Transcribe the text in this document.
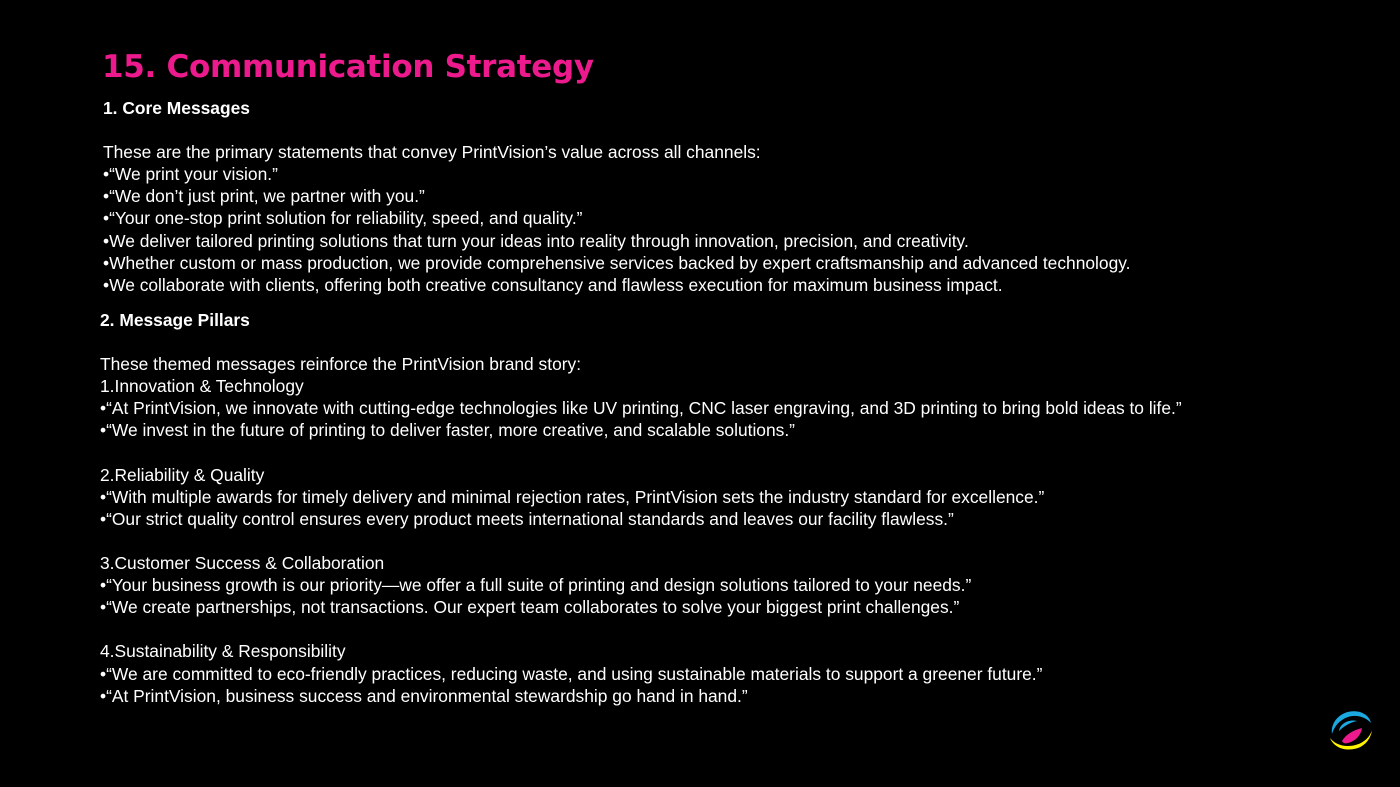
15. Communication Strategy

1. Core Messages

These are the primary statements that convey PrintVision’s value across all channels:

•“We print your vision.”

•“We don’t just print, we partner with you.”

•“Your one-stop print solution for reliability, speed, and quality.”

•We deliver tailored printing solutions that turn your ideas into reality through innovation, precision, and creativity.

•Whether custom or mass production, we provide comprehensive services backed by expert craftsmanship and advanced technology.

•We collaborate with clients, offering both creative consultancy and flawless execution for maximum business impact.

2. Message Pillars

These themed messages reinforce the PrintVision brand story:

1.Innovation & Technology

•“At PrintVision, we innovate with cutting-edge technologies like UV printing, CNC laser engraving, and 3D printing to bring bold ideas to life.”

•“We invest in the future of printing to deliver faster, more creative, and scalable solutions.”

2.Reliability & Quality

•“With multiple awards for timely delivery and minimal rejection rates, PrintVision sets the industry standard for excellence.”

•“Our strict quality control ensures every product meets international standards and leaves our facility flawless.”

3.Customer Success & Collaboration

•“Your business growth is our priority—we offer a full suite of printing and design solutions tailored to your needs.”

•“We create partnerships, not transactions. Our expert team collaborates to solve your biggest print challenges.”

4.Sustainability & Responsibility

•“We are committed to eco-friendly practices, reducing waste, and using sustainable materials to support a greener future.”

•“At PrintVision, business success and environmental stewardship go hand in hand.”
